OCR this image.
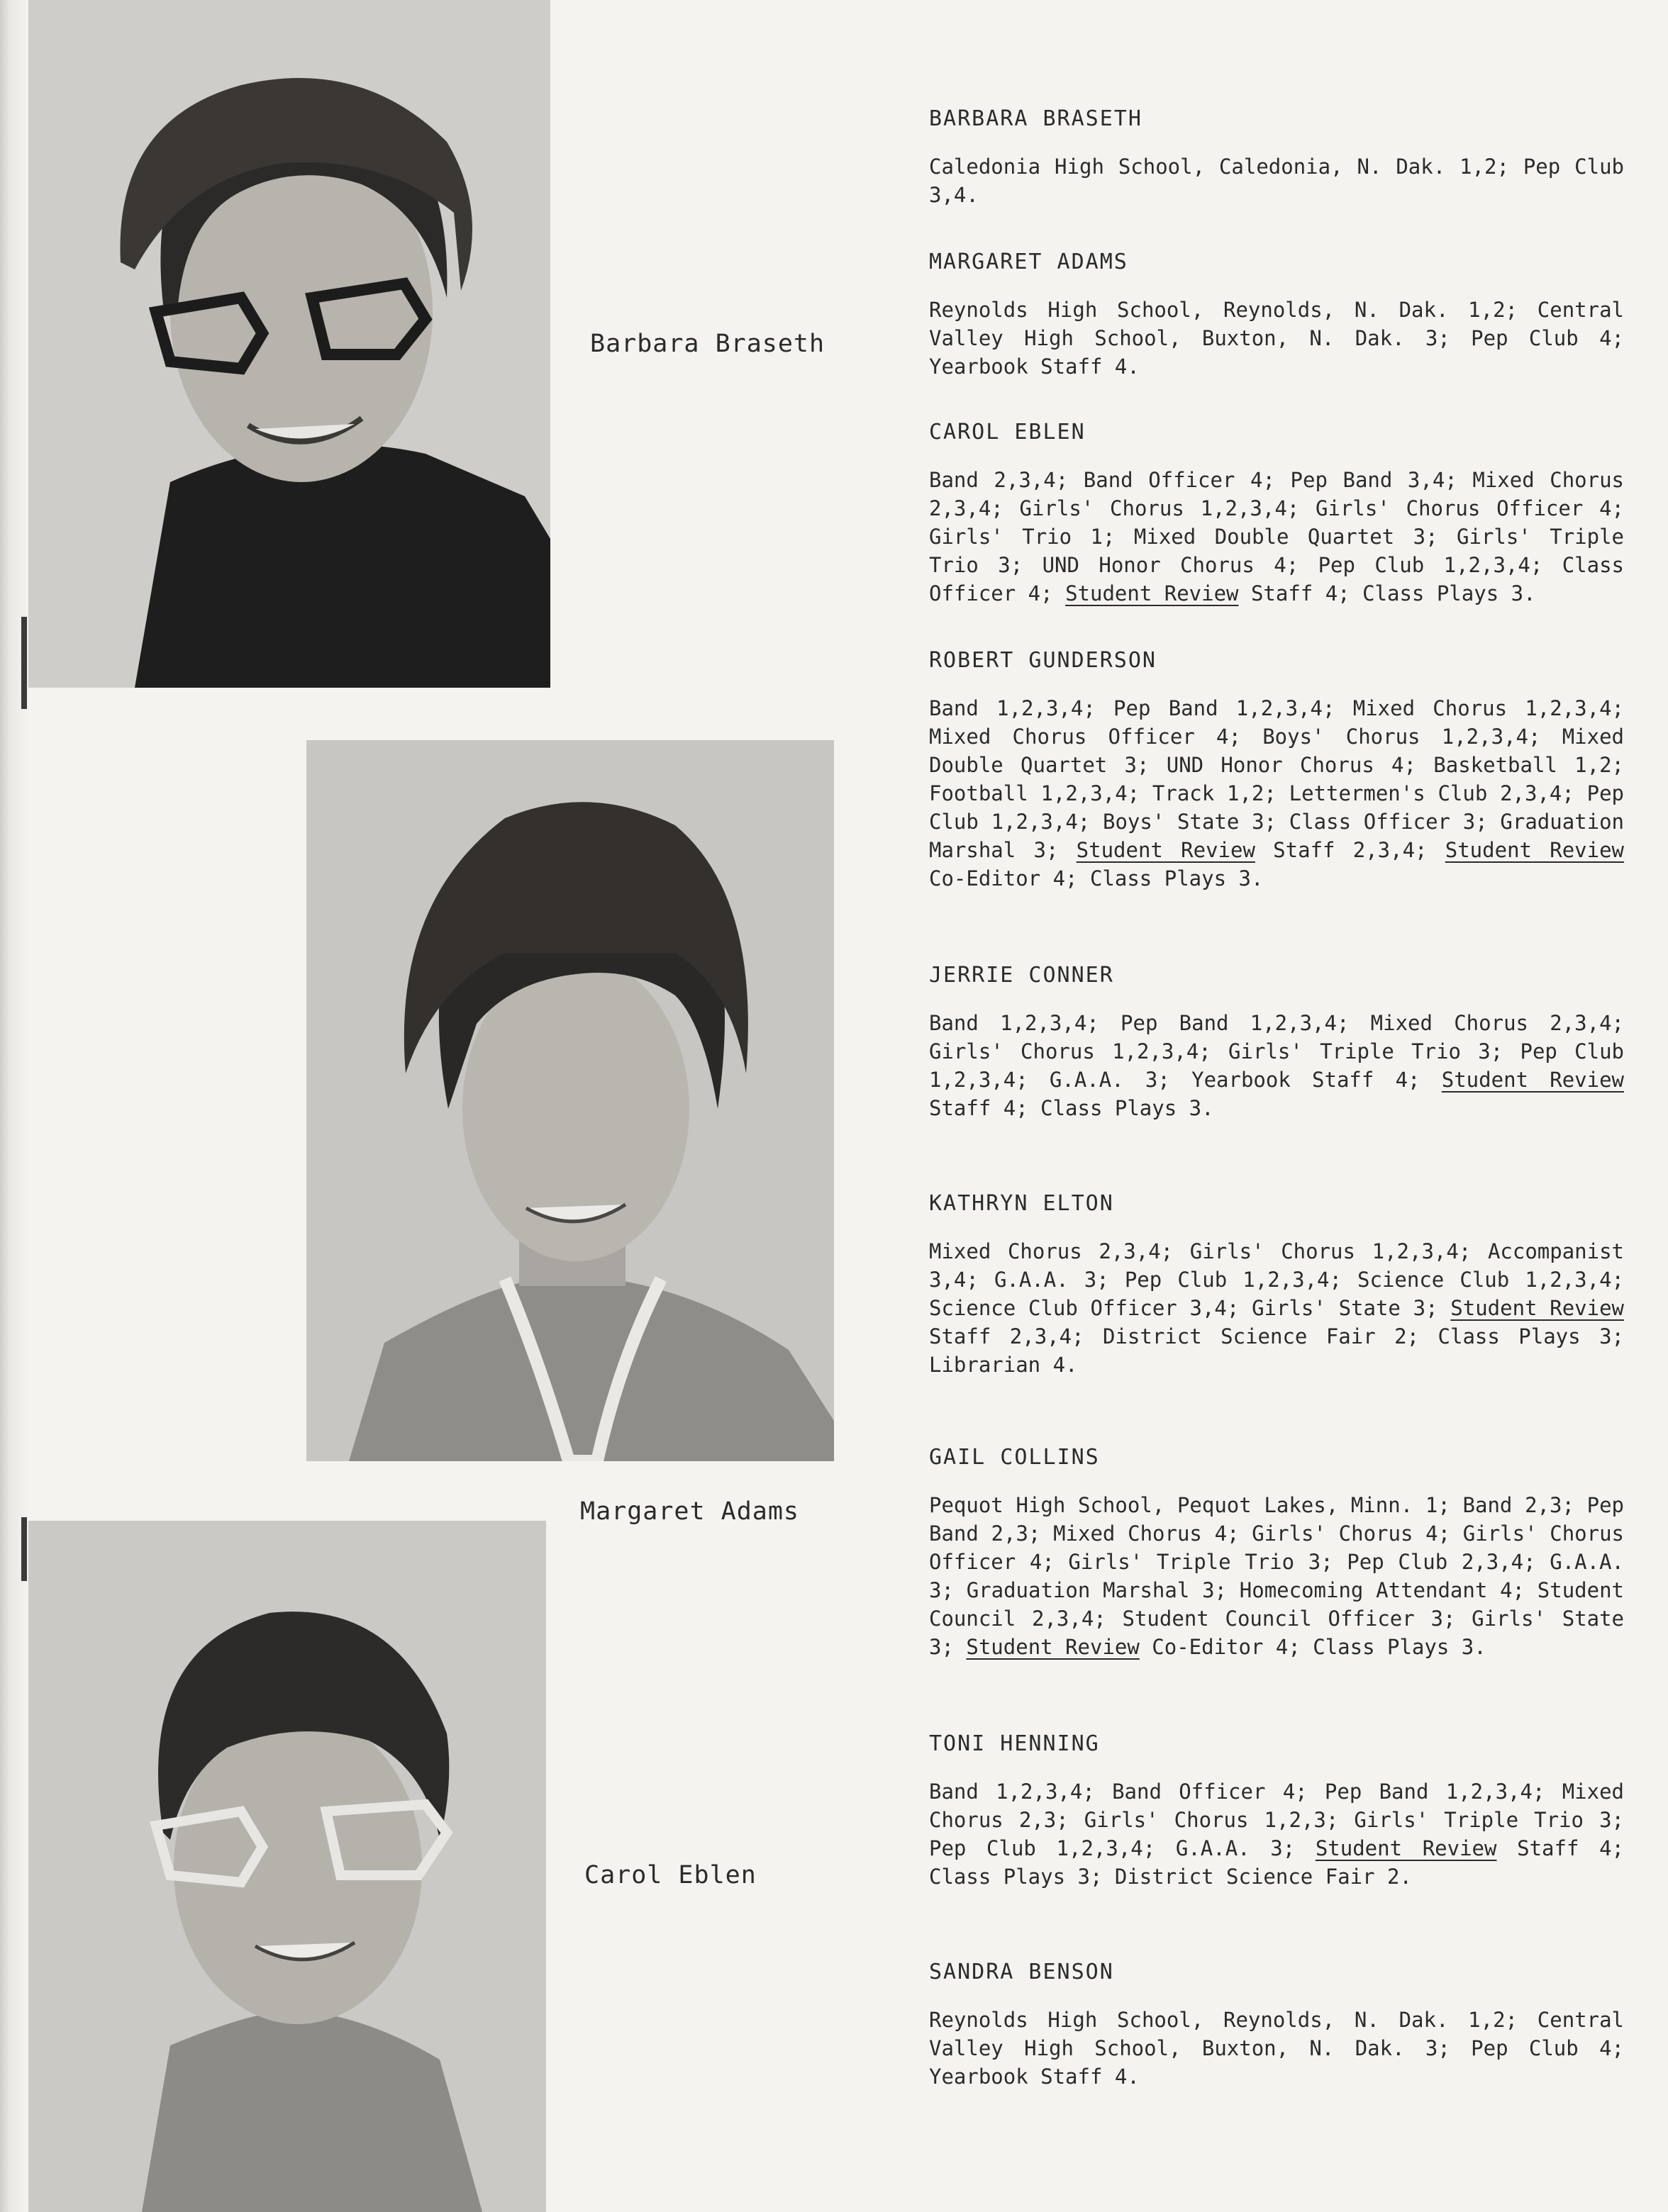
Barbara Braseth
Margaret Adams
Carol Eblen

BARBARA BRASETH

Caledonia High School, Caledonia, N. Dak. 1,2; Pep Club 3,4.

MARGARET ADAMS

Reynolds High School, Reynolds, N. Dak. 1,2; Central Valley High School, Buxton, N. Dak. 3; Pep Club 4; Yearbook Staff 4.

CAROL EBLEN

Band 2,3,4; Band Officer 4; Pep Band 3,4; Mixed Chorus 2,3,4; Girls' Chorus 1,2,3,4; Girls' Chorus Officer 4; Girls' Trio 1; Mixed Double Quartet 3; Girls' Triple Trio 3; UND Honor Chorus 4; Pep Club 1,2,3,4; Class Officer 4; Student Review Staff 4; Class Plays 3.

ROBERT GUNDERSON

Band 1,2,3,4; Pep Band 1,2,3,4; Mixed Chorus 1,2,3,4; Mixed Chorus Officer 4; Boys' Chorus 1,2,3,4; Mixed Double Quartet 3; UND Honor Chorus 4; Basketball 1,2; Football 1,2,3,4; Track 1,2; Lettermen's Club 2,3,4; Pep Club 1,2,3,4; Boys' State 3; Class Officer 3; Graduation Marshal 3; Student Review Staff 2,3,4; Student Review Co-Editor 4; Class Plays 3.

JERRIE CONNER

Band 1,2,3,4; Pep Band 1,2,3,4; Mixed Chorus 2,3,4; Girls' Chorus 1,2,3,4; Girls' Triple Trio 3; Pep Club 1,2,3,4; G.A.A. 3; Yearbook Staff 4; Student Review Staff 4; Class Plays 3.

KATHRYN ELTON

Mixed Chorus 2,3,4; Girls' Chorus 1,2,3,4; Accompanist 3,4; G.A.A. 3; Pep Club 1,2,3,4; Science Club 1,2,3,4; Science Club Officer 3,4; Girls' State 3; Student Review Staff 2,3,4; District Science Fair 2; Class Plays 3; Librarian 4.

GAIL COLLINS

Pequot High School, Pequot Lakes, Minn. 1; Band 2,3; Pep Band 2,3; Mixed Chorus 4; Girls' Chorus 4; Girls' Chorus Officer 4; Girls' Triple Trio 3; Pep Club 2,3,4; G.A.A. 3; Graduation Marshal 3; Homecoming Attendant 4; Student Council 2,3,4; Student Council Officer 3; Girls' State 3; Student Review Co-Editor 4; Class Plays 3.

TONI HENNING

Band 1,2,3,4; Band Officer 4; Pep Band 1,2,3,4; Mixed Chorus 2,3; Girls' Chorus 1,2,3; Girls' Triple Trio 3; Pep Club 1,2,3,4; G.A.A. 3; Student Review Staff 4; Class Plays 3; District Science Fair 2.

SANDRA BENSON

Reynolds High School, Reynolds, N. Dak. 1,2; Central Valley High School, Buxton, N. Dak. 3; Pep Club 4; Yearbook Staff 4.
